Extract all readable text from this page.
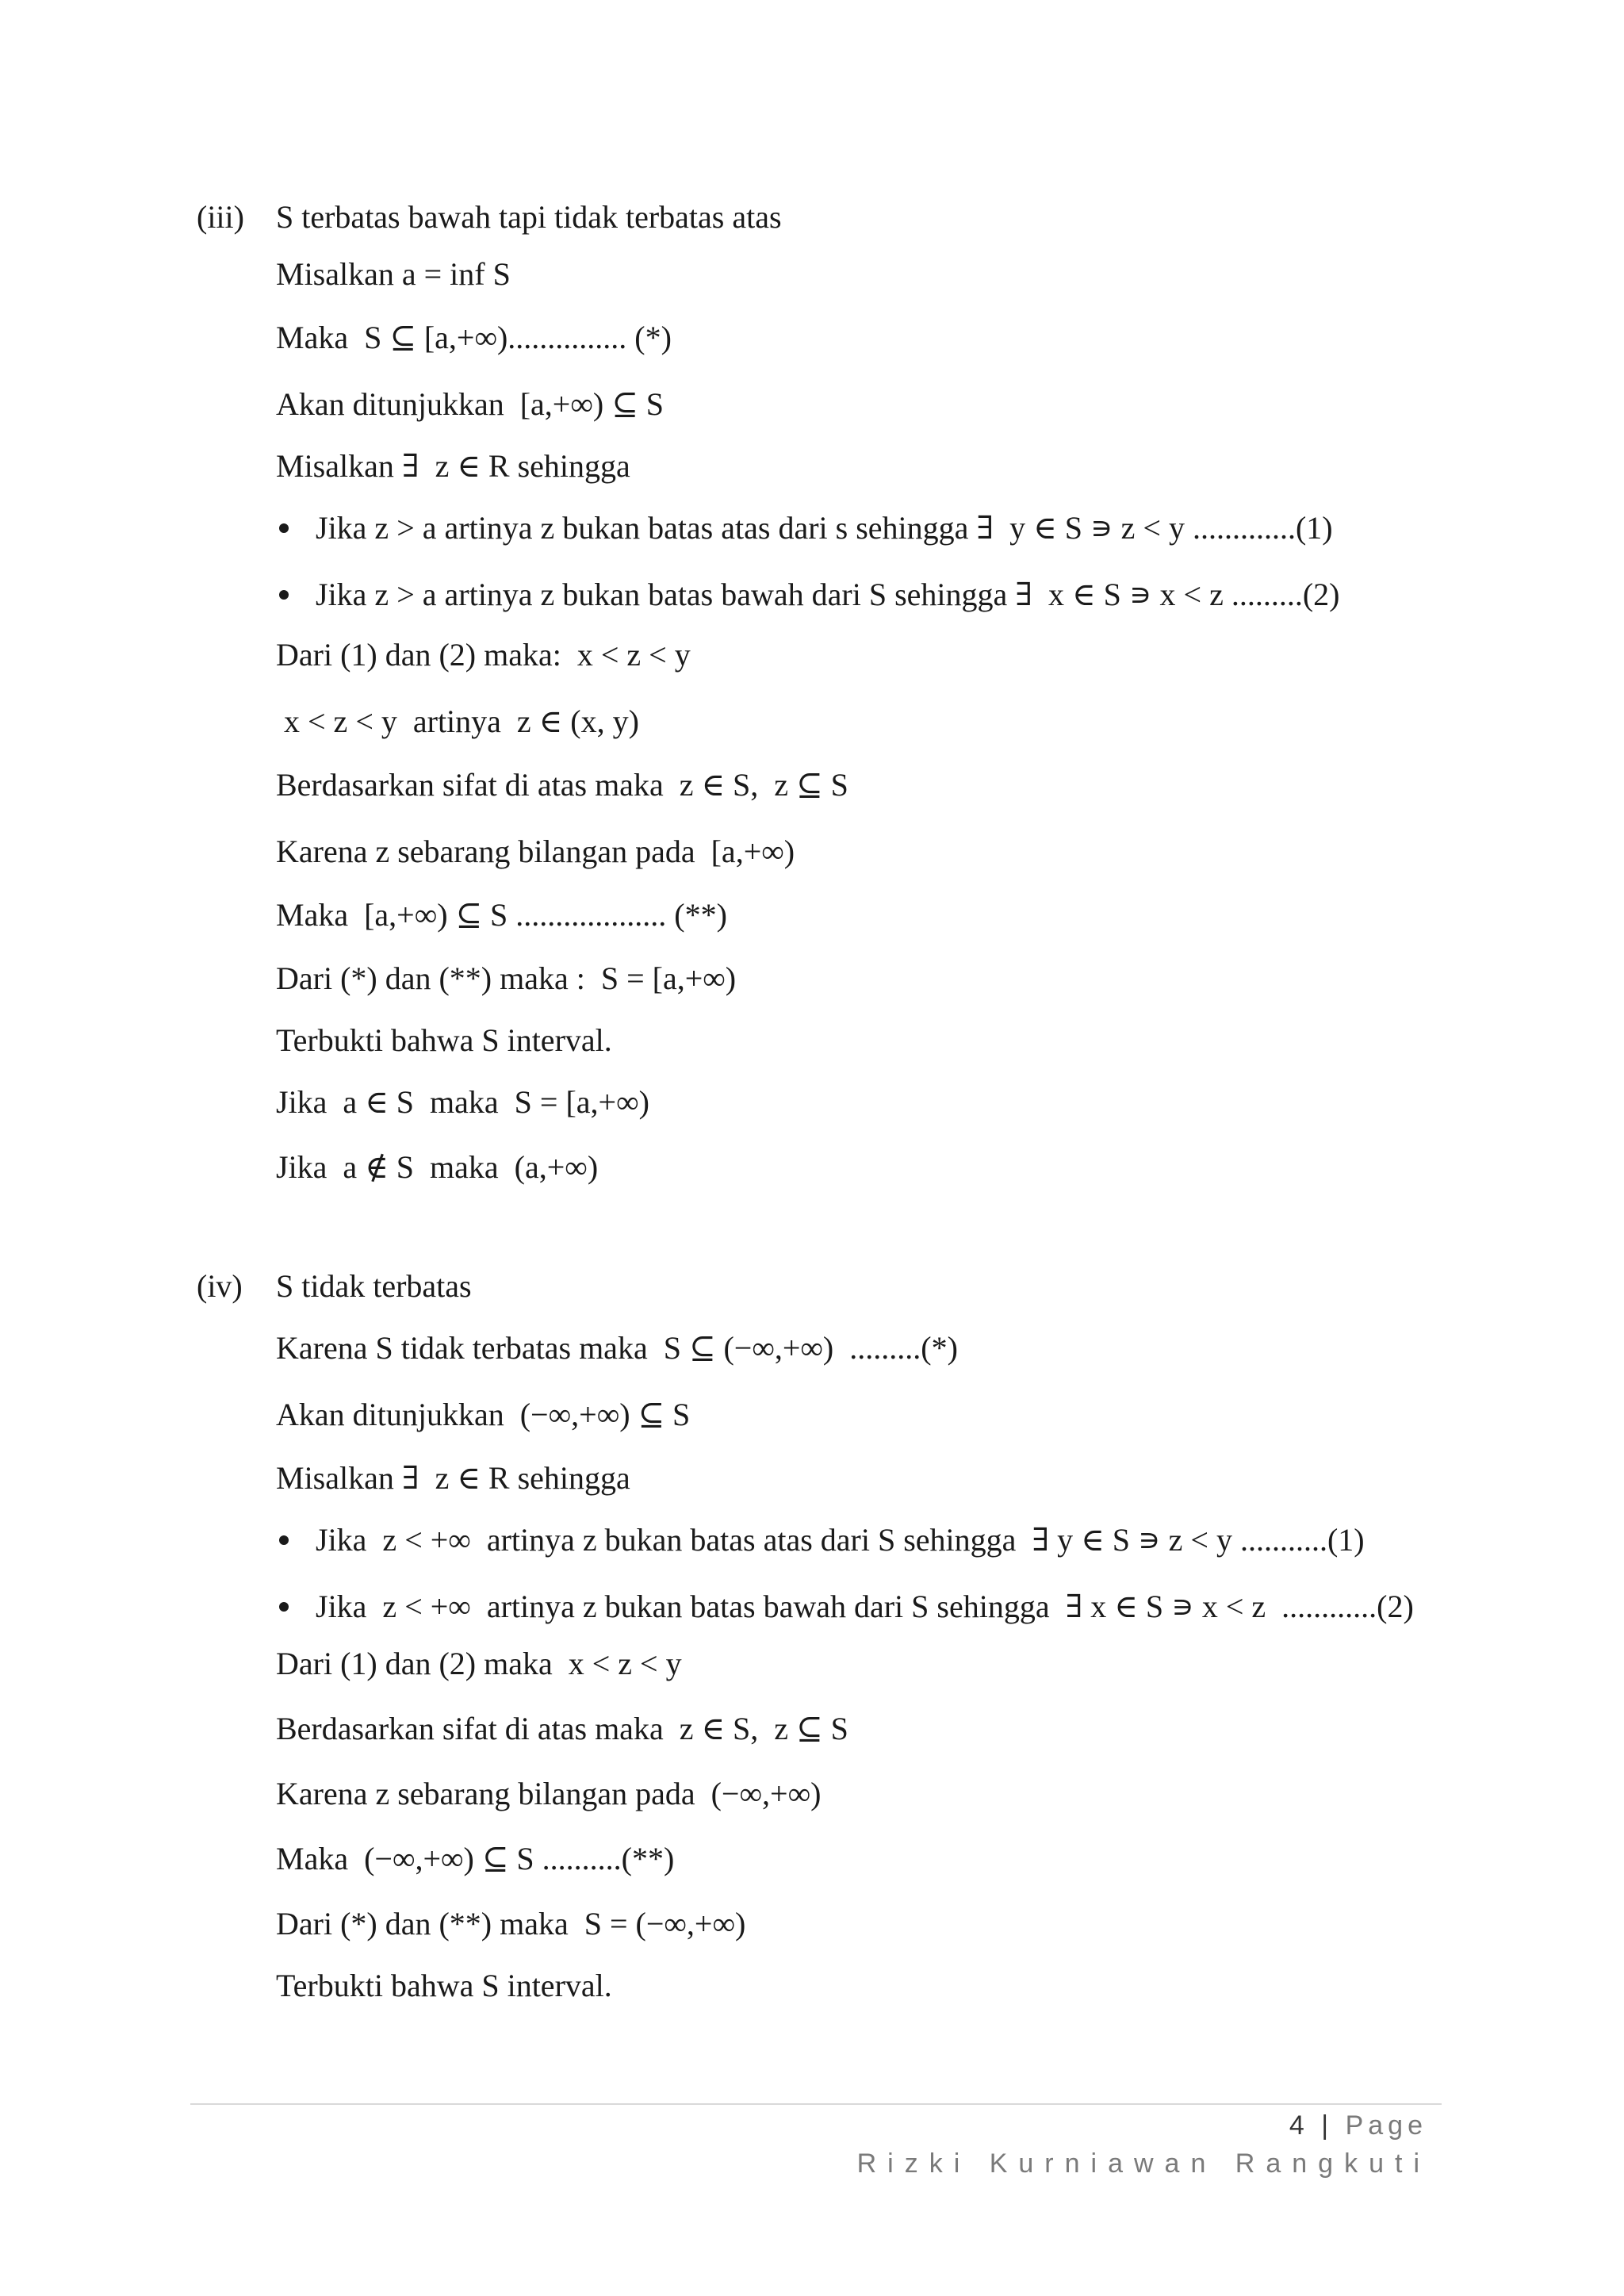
(iii) S terbatas bawah tapi tidak terbatas atas
Misalkan a = inf S
Maka  S ⊆ [a,+∞)............... (*)
Akan ditunjukkan  [a,+∞) ⊆ S
Misalkan ∃  z ∈ R sehingga
Jika z > a artinya z bukan batas atas dari s sehingga ∃  y ∈ S ∍ z < y .............(1)
Jika z > a artinya z bukan batas bawah dari S sehingga ∃  x ∈ S ∍ x < z .........(2)
Dari (1) dan (2) maka:  x < z < y
x < z < y  artinya  z ∈ (x, y)
Berdasarkan sifat di atas maka  z ∈ S,  z ⊆ S
Karena z sebarang bilangan pada  [a,+∞)
Maka  [a,+∞) ⊆ S ................... (**)
Dari (*) dan (**) maka :  S = [a,+∞)
Terbukti bahwa S interval.
Jika  a ∈ S  maka  S = [a,+∞)
Jika  a ∉ S  maka  (a,+∞)
(iv) S tidak terbatas
Karena S tidak terbatas maka  S ⊆ (−∞,+∞)  .........(*)
Akan ditunjukkan  (−∞,+∞) ⊆ S
Misalkan ∃  z ∈ R sehingga
Jika  z < +∞  artinya z bukan batas atas dari S sehingga  ∃ y ∈ S ∍ z < y ...........(1)
Jika  z < +∞  artinya z bukan batas bawah dari S sehingga  ∃ x ∈ S ∍ x < z  ............(2)
Dari (1) dan (2) maka  x < z < y
Berdasarkan sifat di atas maka  z ∈ S,  z ⊆ S
Karena z sebarang bilangan pada  (−∞,+∞)
Maka  (−∞,+∞) ⊆ S ..........(**)
Dari (*) dan (**) maka  S = (−∞,+∞)
Terbukti bahwa S interval.
4 | Page
Rizki Kurniawan Rangkuti
